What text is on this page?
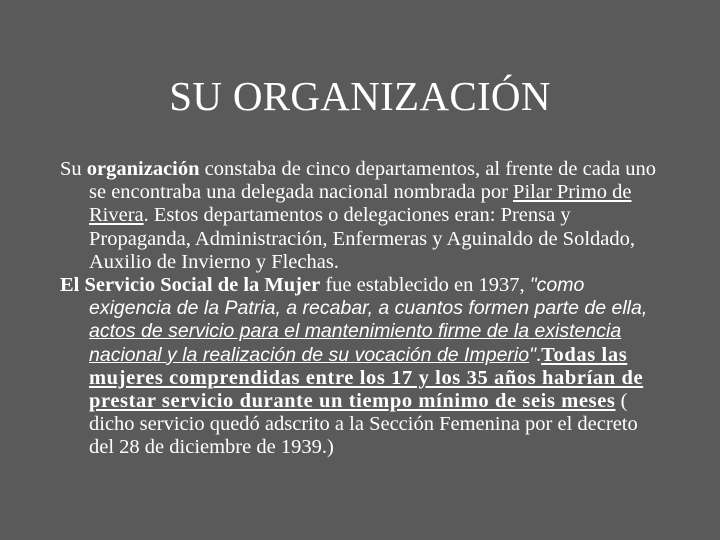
SU ORGANIZACIÓN

Su organización constaba de cinco departamentos, al frente de cada uno se encontraba una delegada nacional nombrada por Pilar Primo de Rivera. Estos departamentos o delegaciones eran: Prensa y Propaganda, Administración, Enfermeras y Aguinaldo de Soldado, Auxilio de Invierno y Flechas.

El Servicio Social de la Mujer fue establecido en 1937, "como exigencia de la Patria, a recabar, a cuantos formen parte de ella, actos de servicio para el mantenimiento firme de la existencia nacional y la realización de su vocación de Imperio".Todas las mujeres comprendidas entre los 17 y los 35 años habrían de prestar servicio durante un tiempo mínimo de seis meses ( dicho servicio quedó adscrito a la Sección Femenina por el decreto del 28 de diciembre de 1939.)
